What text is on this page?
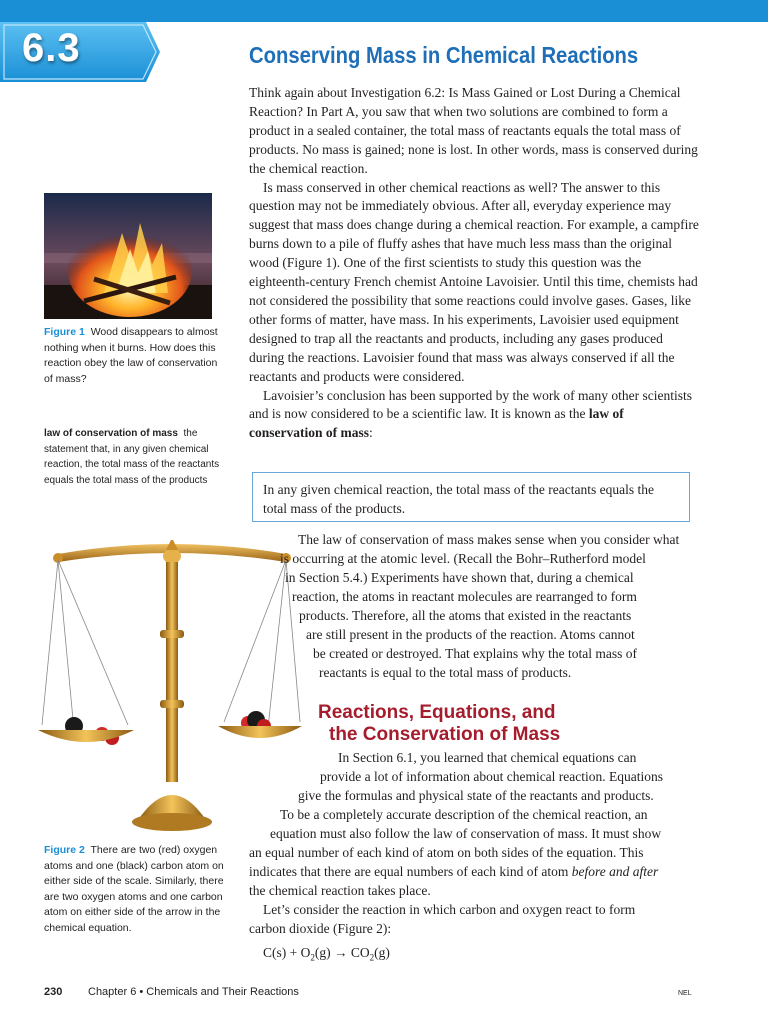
6.3	Conserving Mass in Chemical Reactions

Think again about Investigation 6.2: Is Mass Gained or Lost During a Chemical Reaction? In Part A, you saw that when two solutions are combined to form a product in a sealed container, the total mass of reactants equals the total mass of products. No mass is gained; none is lost. In other words, mass is conserved during the chemical reaction.

Is mass conserved in other chemical reactions as well? The answer to this question may not be immediately obvious. After all, everyday experience may suggest that mass does change during a chemical reaction. For example, a campfire burns down to a pile of fluffy ashes that have much less mass than the original wood (Figure 1). One of the first scientists to study this question was the eighteenth-century French chemist Antoine Lavoisier. Until this time, chemists had not considered the possibility that some reactions could involve gases. Gases, like other forms of matter, have mass. In his experiments, Lavoisier used equipment designed to trap all the reactants and products, including any gases produced during the reactions. Lavoisier found that mass was always conserved if all the reactants and products were considered.

Lavoisier’s conclusion has been supported by the work of many other scientists and is now considered to be a scientific law. It is known as the law of conservation of mass:

Figure 1 Wood disappears to almost nothing when it burns. How does this reaction obey the law of conservation of mass?
law of conservation of mass the statement that, in any given chemical reaction, the total mass of the reactants equals the total mass of the products
In any given chemical reaction, the total mass of the reactants equals the total mass of the products.
Figure 2 There are two (red) oxygen atoms and one (black) carbon atom on either side of the scale. Similarly, there are two oxygen atoms and one carbon atom on either side of the arrow in the chemical equation.
The law of conservation of mass makes sense when you consider what
is occurring at the atomic level. (Recall the Bohr–Rutherford model
in Section 5.4.) Experiments have shown that, during a chemical
reaction, the atoms in reactant molecules are rearranged to form
products. Therefore, all the atoms that existed in the reactants
are still present in the products of the reaction. Atoms cannot
be created or destroyed. That explains why the total mass of
reactants is equal to the total mass of products.
Reactions, Equations, and
the Conservation of Mass
In Section 6.1, you learned that chemical equations can
provide a lot of information about chemical reaction. Equations
give the formulas and physical state of the reactants and products.
To be a completely accurate description of the chemical reaction, an
equation must also follow the law of conservation of mass. It must show
an equal number of each kind of atom on both sides of the equation. This
indicates that there are equal numbers of each kind of atom before and after
the chemical reaction takes place.
Let’s consider the reaction in which carbon and oxygen react to form
carbon dioxide (Figure 2):
$C(s) + O_2(g) \to CO_2(g)$
230 Chapter 6 • Chemicals and Their Reactions	NEL
